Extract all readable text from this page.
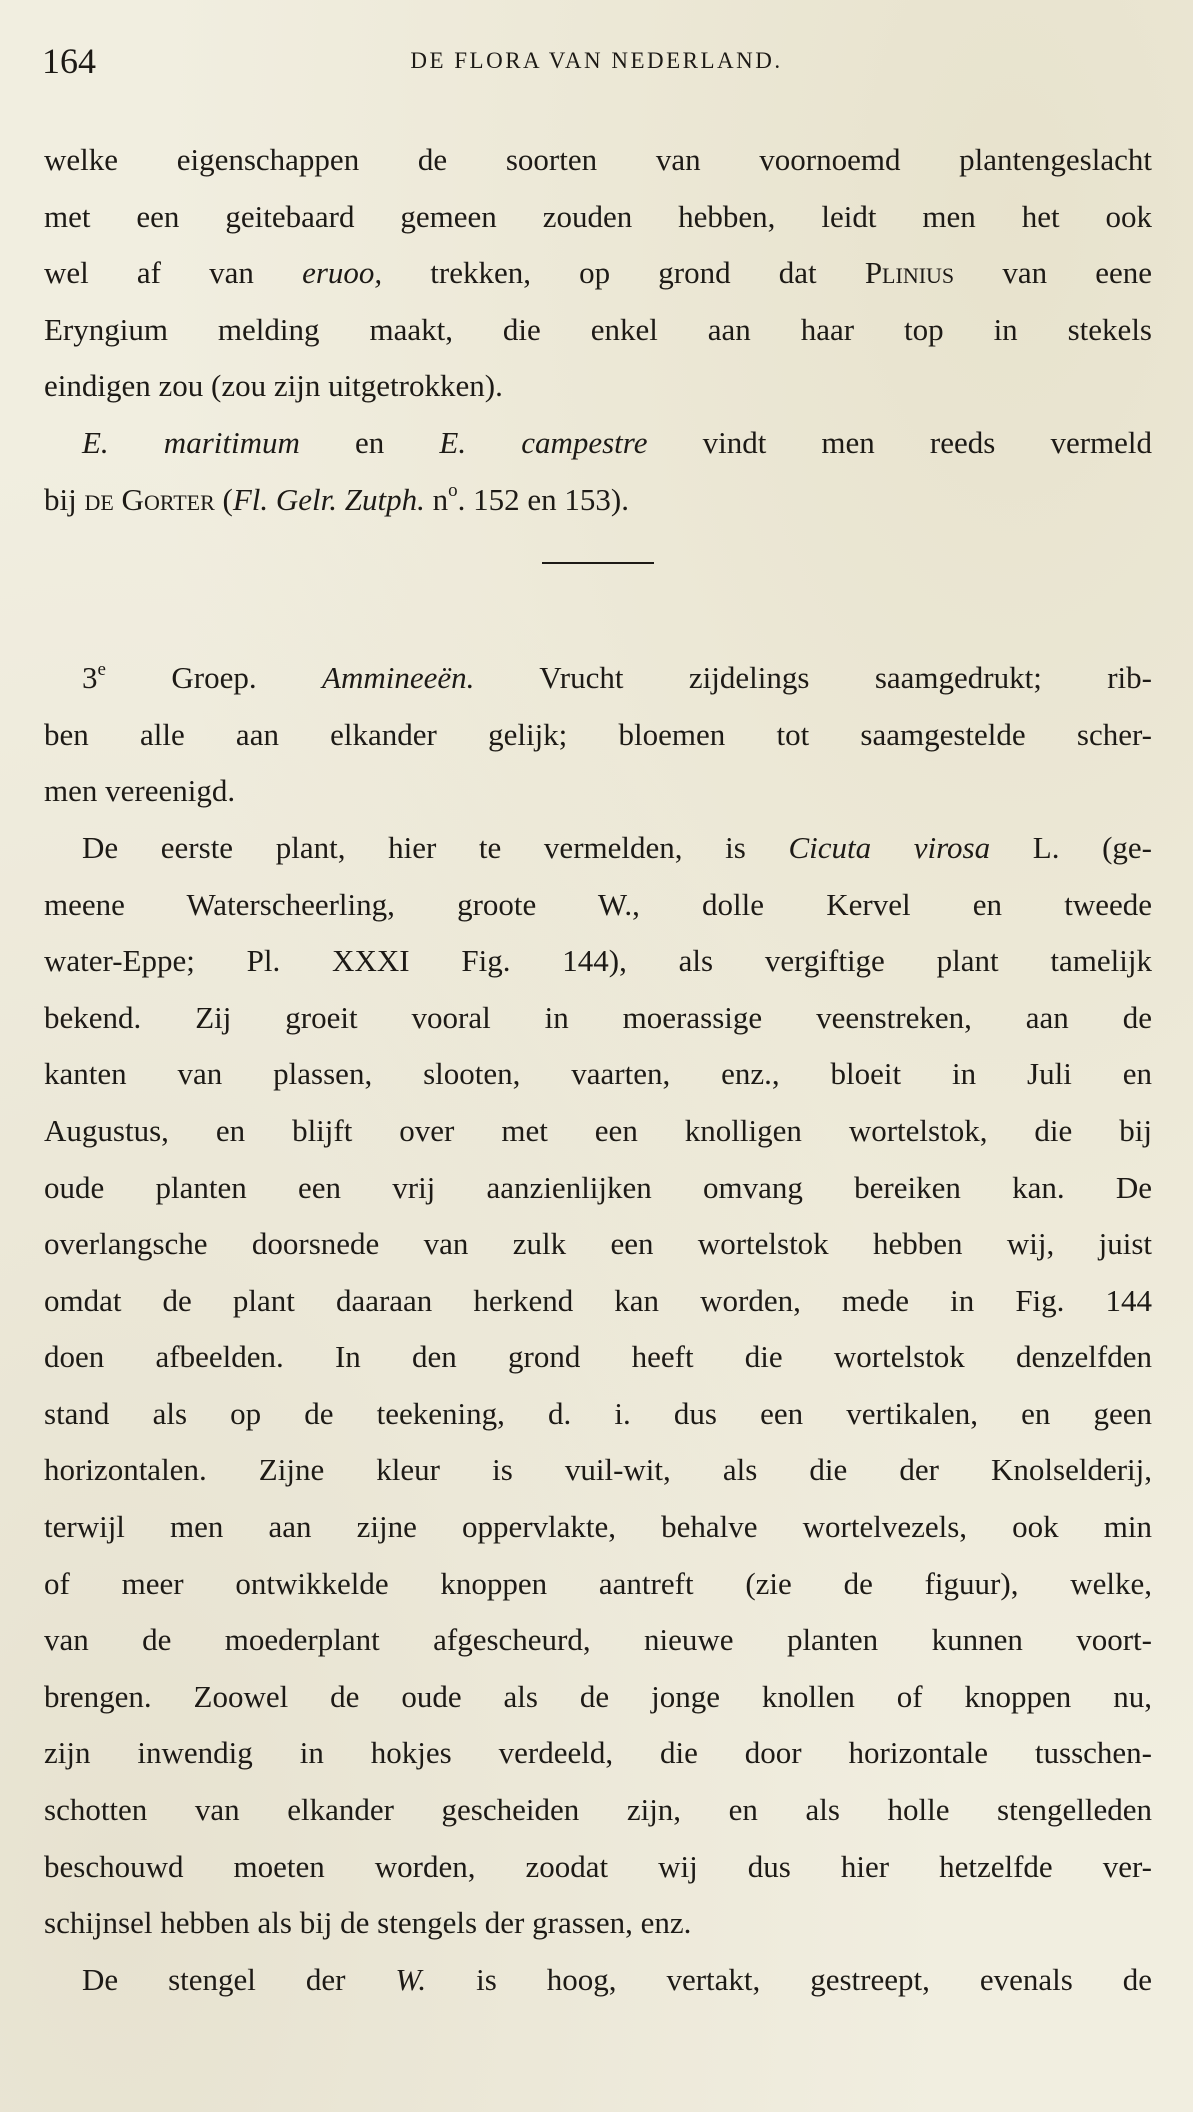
164	DE FLORA VAN NEDERLAND.
welke eigenschappen de soorten van voornoemd plantengeslacht
met een geitebaard gemeen zouden hebben, leidt men het ook
wel af van eruoo, trekken, op grond dat Plinius van eene
Eryngium melding maakt, die enkel aan haar top in stekels
eindigen zou (zou zijn uitgetrokken).
E. maritimum en E. campestre vindt men reeds vermeld
bij de Gorter (Fl. Gelr. Zutph. $n^o$. 152 en 153).
3e Groep. Ammineeën. Vrucht zijdelings saamgedrukt; rib-
ben alle aan elkander gelijk; bloemen tot saamgestelde scher-
men vereenigd.
De eerste plant, hier te vermelden, is Cicuta virosa L. (ge-
meene Waterscheerling, groote W., dolle Kervel en tweede
water-Eppe; Pl. XXXI Fig. 144), als vergiftige plant tamelijk
bekend. Zij groeit vooral in moerassige veenstreken, aan de
kanten van plassen, slooten, vaarten, enz., bloeit in Juli en
Augustus, en blijft over met een knolligen wortelstok, die bij
oude planten een vrij aanzienlijken omvang bereiken kan. De
overlangsche doorsnede van zulk een wortelstok hebben wij, juist
omdat de plant daaraan herkend kan worden, mede in Fig. 144
doen afbeelden. In den grond heeft die wortelstok denzelfden
stand als op de teekening, d. i. dus een vertikalen, en geen
horizontalen. Zijne kleur is vuil-wit, als die der Knolselderij,
terwijl men aan zijne oppervlakte, behalve wortelvezels, ook min
of meer ontwikkelde knoppen aantreft (zie de figuur), welke,
van de moederplant afgescheurd, nieuwe planten kunnen voort-
brengen. Zoowel de oude als de jonge knollen of knoppen nu,
zijn inwendig in hokjes verdeeld, die door horizontale tusschen-
schotten van elkander gescheiden zijn, en als holle stengelleden
beschouwd moeten worden, zoodat wij dus hier hetzelfde ver-
schijnsel hebben als bij de stengels der grassen, enz.
De stengel der W. is hoog, vertakt, gestreept, evenals de
